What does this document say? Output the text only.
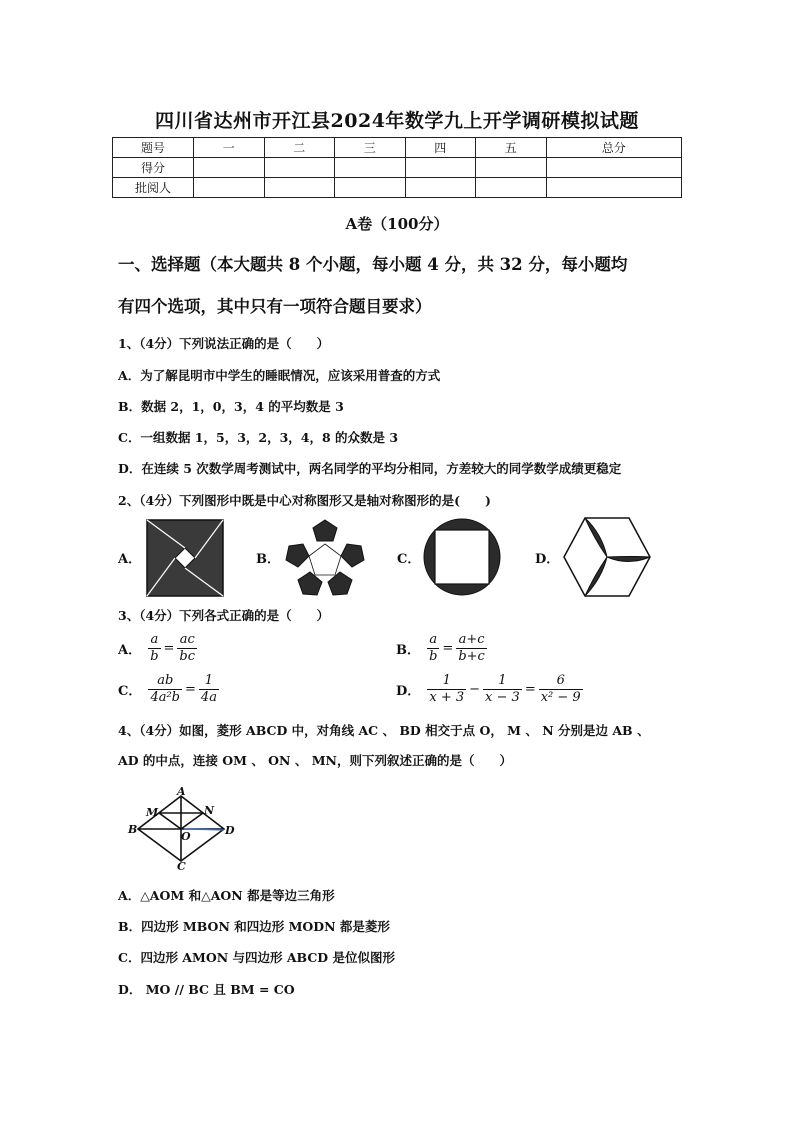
四川省达州市开江县2024年数学九上开学调研模拟试题
题号	一	二	三	四	五	总分
得分						
批阅人						
A卷（100分）
一、选择题（本大题共 8 个小题，每小题 4 分，共 32 分，每小题均
有四个选项，其中只有一项符合题目要求）
1、（4分）下列说法正确的是（　　）
A．为了解昆明市中学生的睡眠情况，应该采用普查的方式
B．数据 2，1，0，3，4 的平均数是 3
C．一组数据 1，5，3，2，3，4，8 的众数是 3
D．在连续 5 次数学周考测试中，两名同学的平均分相同，方差较大的同学数学成绩更稳定
2、（4分）下列图形中既是中心对称图形又是轴对称图形的是(　　)
A．	B．	C．	D．
3、（4分）下列各式正确的是（　　）
A． $\frac{a}{b} = \frac{ac}{bc}$	B． $\frac{a}{b} = \frac{a+c}{b+c}$
C． $\frac{ab}{\text{4a²b}} = \frac{1}{4a}$	D． $\frac{1}{x + 3} - \frac{1}{x - 3} = \frac{6}{\text{x² − 9}}$
4、（4分）如图，菱形 ABCD 中，对角线 AC 、 BD 相交于点 O， M 、 N 分别是边 AB 、
AD 的中点，连接 OM 、 ON 、 MN，则下列叙述正确的是（　　）
A
B
C
D
M	N
O
A．△AOM 和△AON 都是等边三角形
B．四边形 MBON 和四边形 MODN 都是菱形
C．四边形 AMON 与四边形 ABCD 是位似图形
D． MO // BC 且 BM = CO
